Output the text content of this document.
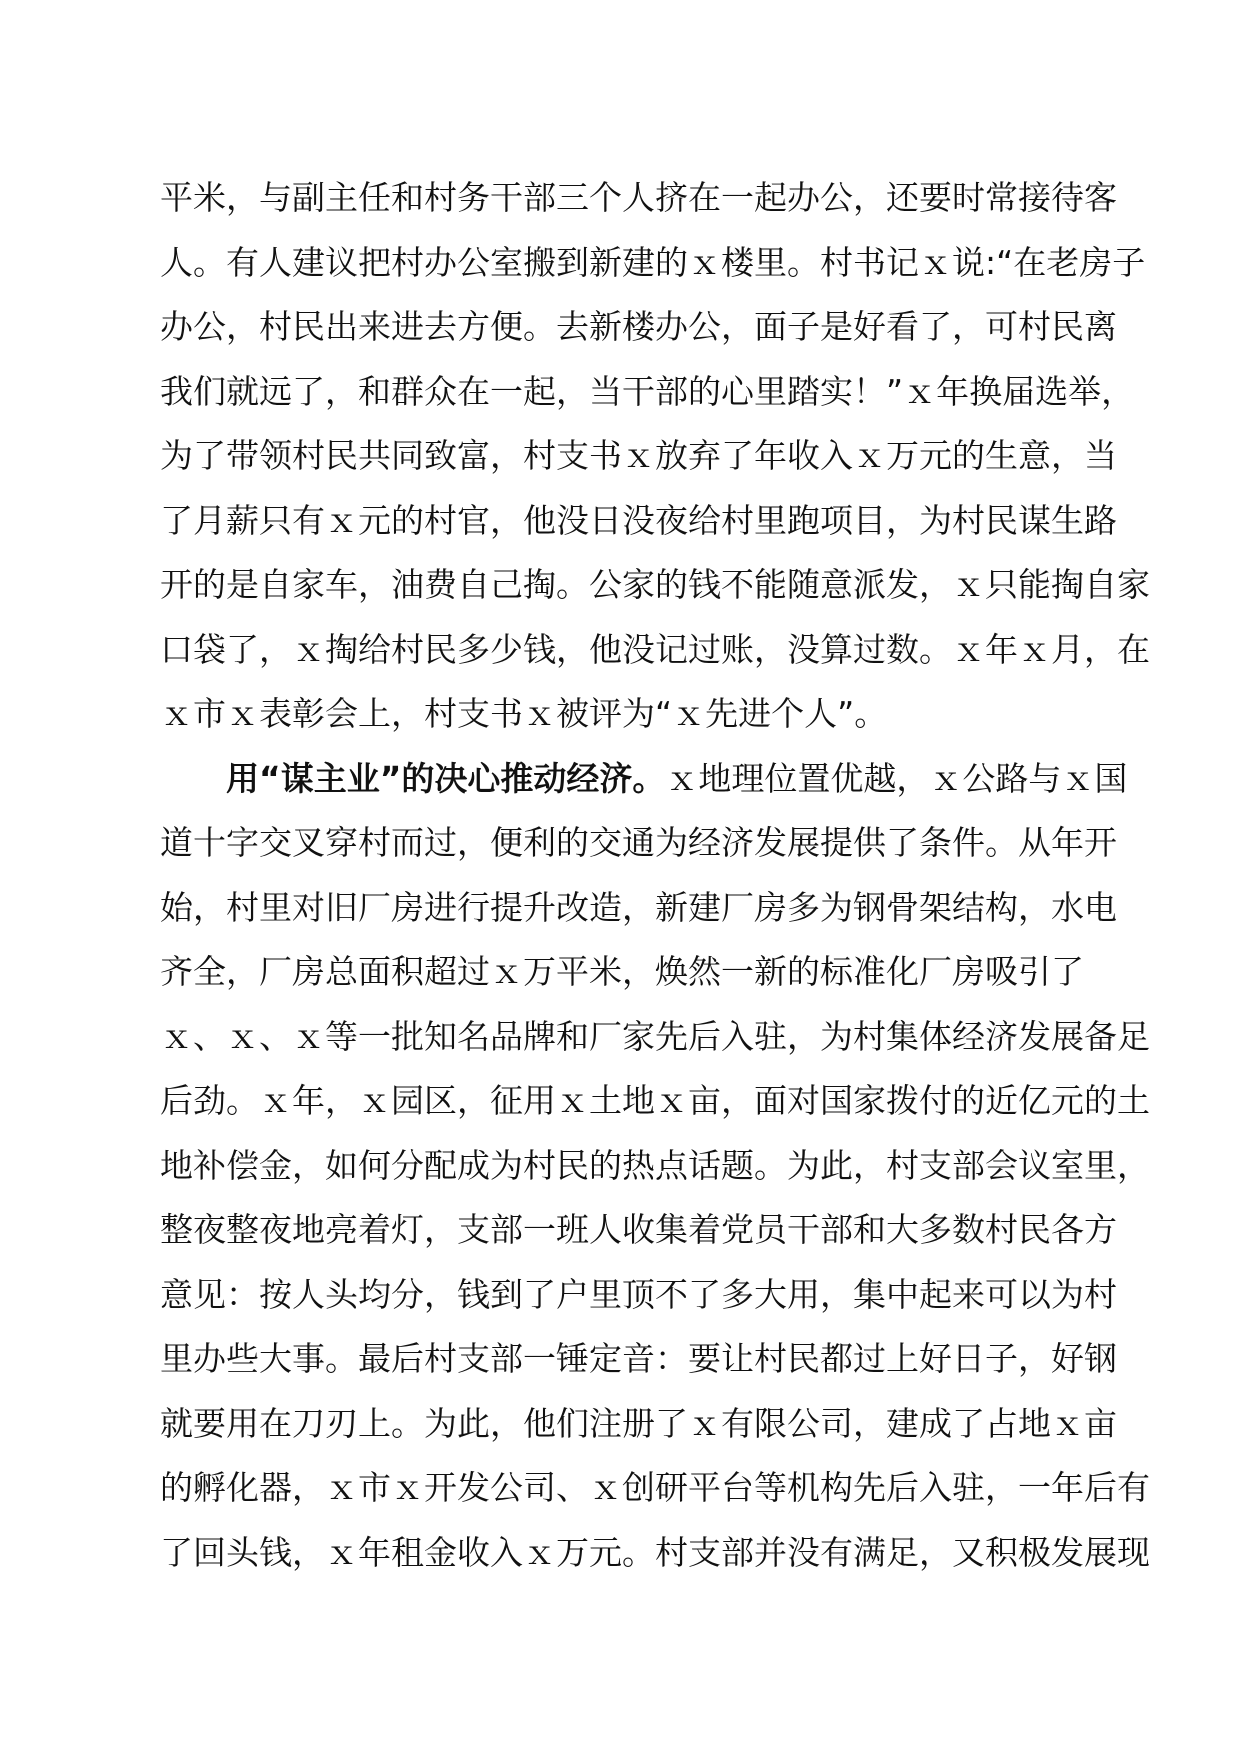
平米，与副主任和村务干部三个人挤在一起办公，还要时常接待客
人。有人建议把村办公室搬到新建的ｘ楼里。村书记ｘ说:“在老房子
办公，村民出来进去方便。去新楼办公，面子是好看了，可村民离
我们就远了，和群众在一起，当干部的心里踏实！”ｘ年换届选举，
为了带领村民共同致富，村支书ｘ放弃了年收入ｘ万元的生意，当
了月薪只有ｘ元的村官，他没日没夜给村里跑项目，为村民谋生路
开的是自家车，油费自己掏。公家的钱不能随意派发，ｘ只能掏自家
口袋了，ｘ掏给村民多少钱，他没记过账，没算过数。ｘ年ｘ月，在
ｘ市ｘ表彰会上，村支书ｘ被评为“ｘ先进个人”。
用“谋主业”的决心推动经济。ｘ地理位置优越，ｘ公路与ｘ国
道十字交叉穿村而过，便利的交通为经济发展提供了条件。从年开
始，村里对旧厂房进行提升改造，新建厂房多为钢骨架结构，水电
齐全，厂房总面积超过ｘ万平米，焕然一新的标准化厂房吸引了
ｘ、ｘ、ｘ等一批知名品牌和厂家先后入驻，为村集体经济发展备足
后劲。ｘ年，ｘ园区，征用ｘ土地ｘ亩，面对国家拨付的近亿元的土
地补偿金，如何分配成为村民的热点话题。为此，村支部会议室里，
整夜整夜地亮着灯，支部一班人收集着党员干部和大多数村民各方
意见：按人头均分，钱到了户里顶不了多大用，集中起来可以为村
里办些大事。最后村支部一锤定音：要让村民都过上好日子，好钢
就要用在刀刃上。为此，他们注册了ｘ有限公司，建成了占地ｘ亩
的孵化器，ｘ市ｘ开发公司、ｘ创研平台等机构先后入驻，一年后有
了回头钱，ｘ年租金收入ｘ万元。村支部并没有满足，又积极发展现
